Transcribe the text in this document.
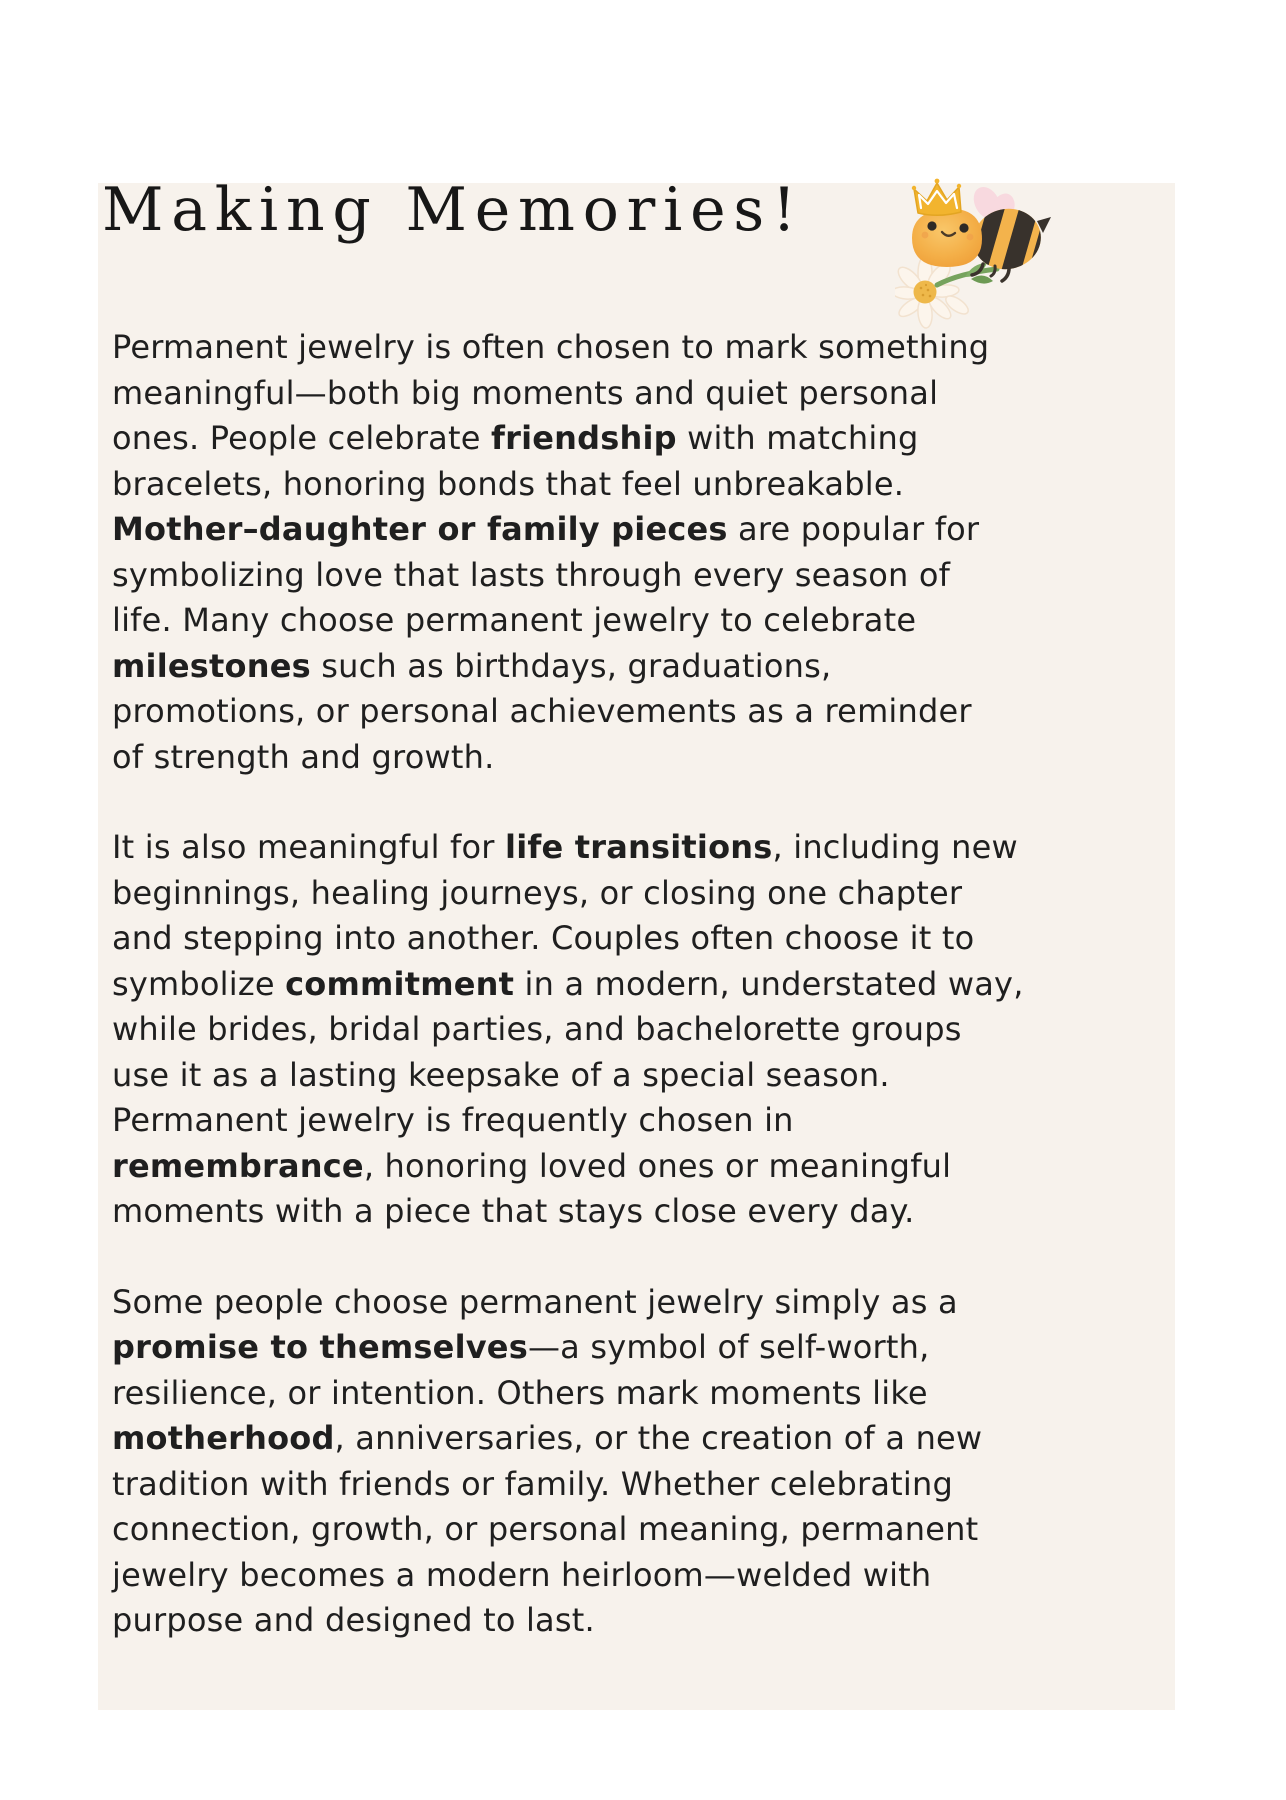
Making Memories!
Permanent jewelry is often chosen to mark something
meaningful—both big moments and quiet personal
ones. People celebrate friendship with matching
bracelets, honoring bonds that feel unbreakable.
Mother–daughter or family pieces are popular for
symbolizing love that lasts through every season of
life. Many choose permanent jewelry to celebrate
milestones such as birthdays, graduations,
promotions, or personal achievements as a reminder
of strength and growth.
It is also meaningful for life transitions, including new
beginnings, healing journeys, or closing one chapter
and stepping into another. Couples often choose it to
symbolize commitment in a modern, understated way,
while brides, bridal parties, and bachelorette groups
use it as a lasting keepsake of a special season.
Permanent jewelry is frequently chosen in
remembrance, honoring loved ones or meaningful
moments with a piece that stays close every day.
Some people choose permanent jewelry simply as a
promise to themselves—a symbol of self-worth,
resilience, or intention. Others mark moments like
motherhood, anniversaries, or the creation of a new
tradition with friends or family. Whether celebrating
connection, growth, or personal meaning, permanent
jewelry becomes a modern heirloom—welded with
purpose and designed to last.
